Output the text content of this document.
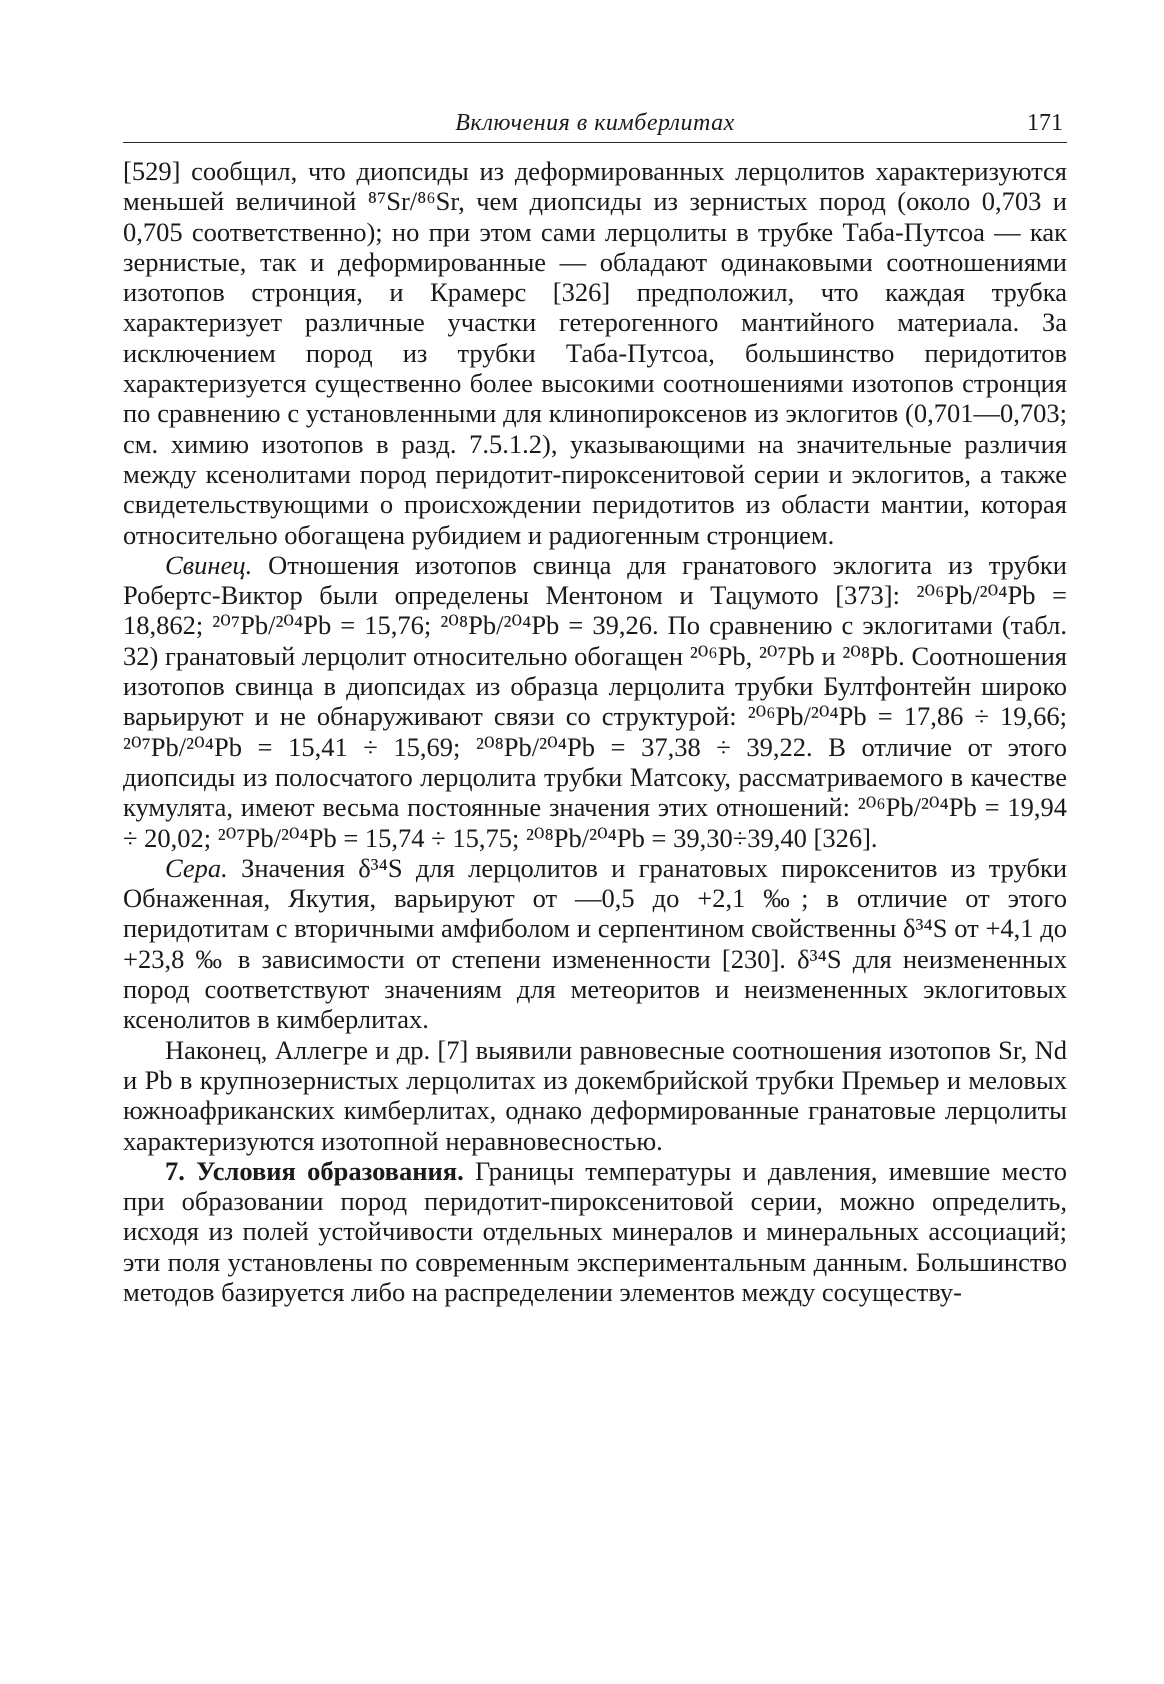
Включения в кимберлитах	171

[529] сообщил, что диопсиды из деформированных лерцолитов характеризуются меньшей величиной ⁸⁷Sr/⁸⁶Sr, чем диопсиды из зернистых пород (около 0,703 и 0,705 соответственно); но при этом сами лерцолиты в трубке Таба-Путсоа — как зернистые, так и деформированные — обладают одинаковыми соотношениями изотопов стронция, и Крамерс [326] предположил, что каждая трубка характеризует различные участки гетерогенного мантийного материала. За исключением пород из трубки Таба-Путсоа, большинство перидотитов характеризуется существенно более высокими соотношениями изотопов стронция по сравнению с установленными для клинопироксенов из эклогитов (0,701—0,703; см. химию изотопов в разд. 7.5.1.2), указывающими на значительные различия между ксенолитами пород перидотит-пироксенитовой серии и эклогитов, а также свидетельствующими о происхождении перидотитов из области мантии, которая относительно обогащена рубидием и радиогенным стронцием.

Свинец. Отношения изотопов свинца для гранатового эклогита из трубки Робертс-Виктор были определены Ментоном и Тацумото [373]: ²⁰⁶Pb/²⁰⁴Pb = 18,862; ²⁰⁷Pb/²⁰⁴Pb = 15,76; ²⁰⁸Pb/²⁰⁴Pb = 39,26. По сравнению с эклогитами (табл. 32) гранатовый лерцолит относительно обогащен ²⁰⁶Pb, ²⁰⁷Pb и ²⁰⁸Pb. Соотношения изотопов свинца в диопсидах из образца лерцолита трубки Бултфонтейн широко варьируют и не обнаруживают связи со структурой: ²⁰⁶Pb/²⁰⁴Pb = 17,86 ÷ 19,66; ²⁰⁷Pb/²⁰⁴Pb = 15,41 ÷ 15,69; ²⁰⁸Pb/²⁰⁴Pb = 37,38 ÷ 39,22. В отличие от этого диопсиды из полосчатого лерцолита трубки Матсоку, рассматриваемого в качестве кумулята, имеют весьма постоянные значения этих отношений: ²⁰⁶Pb/²⁰⁴Pb = 19,94 ÷ 20,02; ²⁰⁷Pb/²⁰⁴Pb = 15,74 ÷ 15,75; ²⁰⁸Pb/²⁰⁴Pb = 39,30÷39,40 [326].

Сера. Значения δ³⁴S для лерцолитов и гранатовых пироксенитов из трубки Обнаженная, Якутия, варьируют от —0,5 до +2,1 ‰; в отличие от этого перидотитам с вторичными амфиболом и серпентином свойственны δ³⁴S от +4,1 до +23,8 ‰ в зависимости от степени измененности [230]. δ³⁴S для неизмененных пород соответствуют значениям для метеоритов и неизмененных эклогитовых ксенолитов в кимберлитах.

Наконец, Аллегре и др. [7] выявили равновесные соотношения изотопов Sr, Nd и Pb в крупнозернистых лерцолитах из докембрийской трубки Премьер и меловых южноафриканских кимберлитах, однако деформированные гранатовые лерцолиты характеризуются изотопной неравновесностью.

7. Условия образования. Границы температуры и давления, имевшие место при образовании пород перидотит-пироксенитовой серии, можно определить, исходя из полей устойчивости отдельных минералов и минеральных ассоциаций; эти поля установлены по современным экспериментальным данным. Большинство методов базируется либо на распределении элементов между сосуществу-
